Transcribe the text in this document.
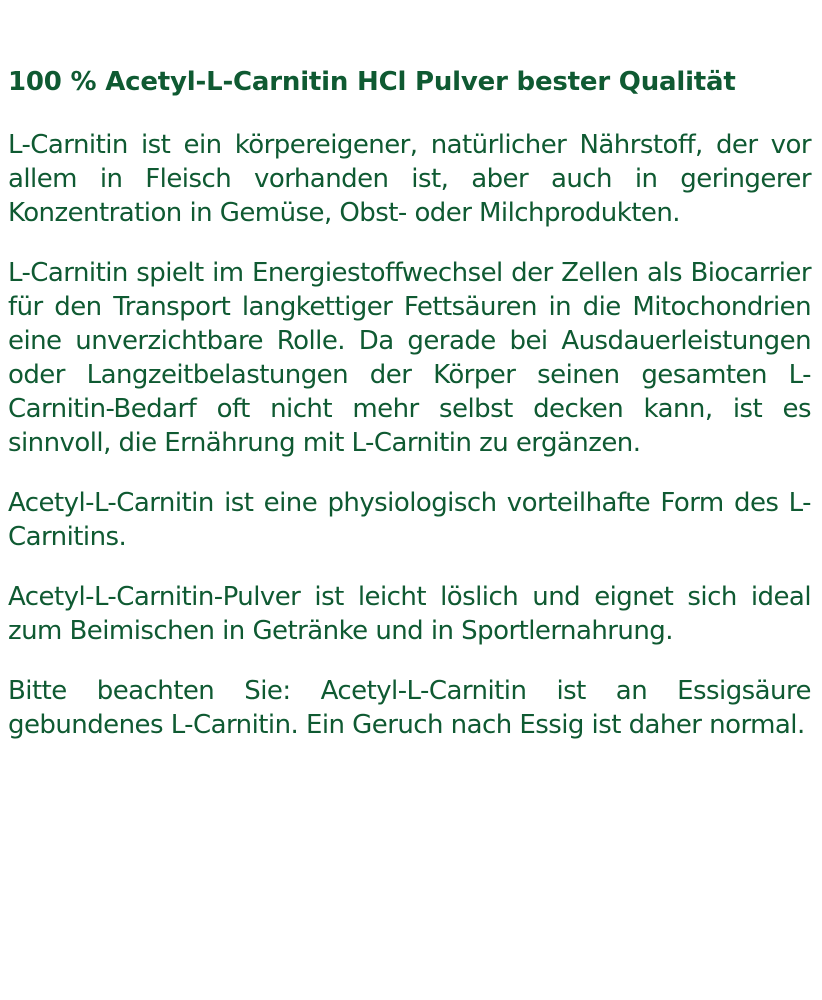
100 % Acetyl-L-Carnitin HCl Pulver bester Qualität

L-Carnitin ist ein körpereigener, natürlicher Nährstoff, der vor allem in Fleisch vorhanden ist, aber auch in geringerer Konzentration in Gemüse, Obst- oder Milchprodukten.

L-Carnitin spielt im Energiestoffwechsel der Zellen als Biocarrier für den Transport langkettiger Fettsäuren in die Mitochondrien eine unverzichtbare Rolle. Da gerade bei Ausdauerleistungen oder Langzeitbelastungen der Körper seinen gesamten L-Carnitin-Bedarf oft nicht mehr selbst decken kann, ist es sinnvoll, die Ernährung mit L-Carnitin zu ergänzen.

Acetyl-L-Carnitin ist eine physiologisch vorteilhafte Form des L-Carnitins.

Acetyl-L-Carnitin-Pulver ist leicht löslich und eignet sich ideal zum Beimischen in Getränke und in Sportlernahrung.

Bitte beachten Sie: Acetyl-L-Carnitin ist an Essigsäure gebundenes L-Carnitin. Ein Geruch nach Essig ist daher normal.
